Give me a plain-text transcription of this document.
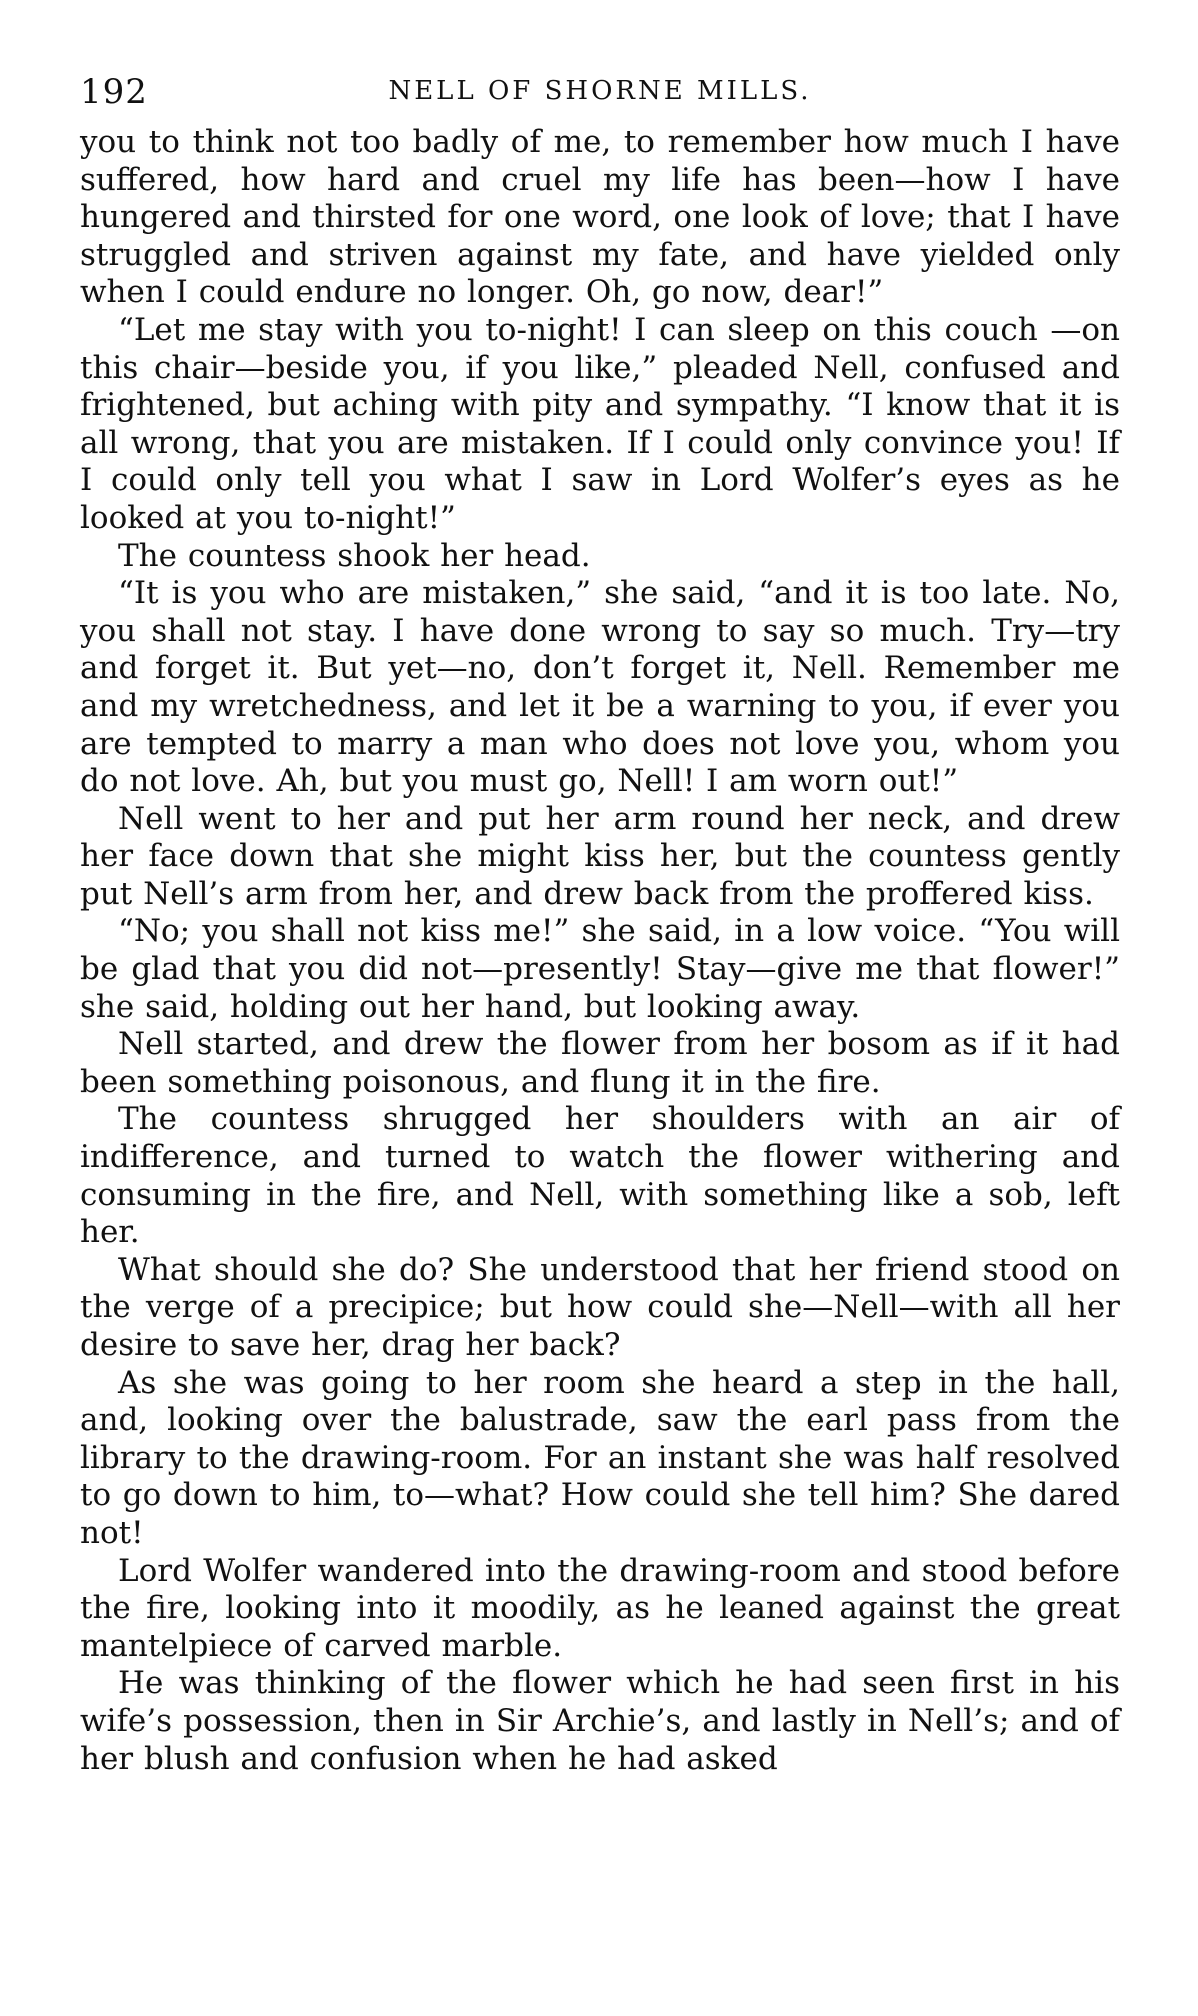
192	NELL OF SHORNE MILLS.

you to think not too badly of me, to remember how much I have suffered, how hard and cruel my life has been—how I have hungered and thirsted for one word, one look of love; that I have struggled and striven against my fate, and have yielded only when I could endure no longer. Oh, go now, dear!”

“Let me stay with you to-night! I can sleep on this couch —on this chair—beside you, if you like,” pleaded Nell, confused and frightened, but aching with pity and sympathy. “I know that it is all wrong, that you are mistaken. If I could only convince you! If I could only tell you what I saw in Lord Wolfer’s eyes as he looked at you to-night!”

The countess shook her head.

“It is you who are mistaken,” she said, “and it is too late. No, you shall not stay. I have done wrong to say so much. Try—try and forget it. But yet—no, don’t forget it, Nell. Remember me and my wretchedness, and let it be a warning to you, if ever you are tempted to marry a man who does not love you, whom you do not love. Ah, but you must go, Nell! I am worn out!”

Nell went to her and put her arm round her neck, and drew her face down that she might kiss her, but the countess gently put Nell’s arm from her, and drew back from the proffered kiss.

“No; you shall not kiss me!” she said, in a low voice. “You will be glad that you did not—presently! Stay—give me that flower!” she said, holding out her hand, but looking away.

Nell started, and drew the flower from her bosom as if it had been something poisonous, and flung it in the fire.

The countess shrugged her shoulders with an air of indifference, and turned to watch the flower withering and consuming in the fire, and Nell, with something like a sob, left her.

What should she do? She understood that her friend stood on the verge of a precipice; but how could she—Nell—with all her desire to save her, drag her back?

As she was going to her room she heard a step in the hall, and, looking over the balustrade, saw the earl pass from the library to the drawing-room. For an instant she was half resolved to go down to him, to—what? How could she tell him? She dared not!

Lord Wolfer wandered into the drawing-room and stood before the fire, looking into it moodily, as he leaned against the great mantelpiece of carved marble.

He was thinking of the flower which he had seen first in his wife’s possession, then in Sir Archie’s, and lastly in Nell’s; and of her blush and confusion when he had asked
